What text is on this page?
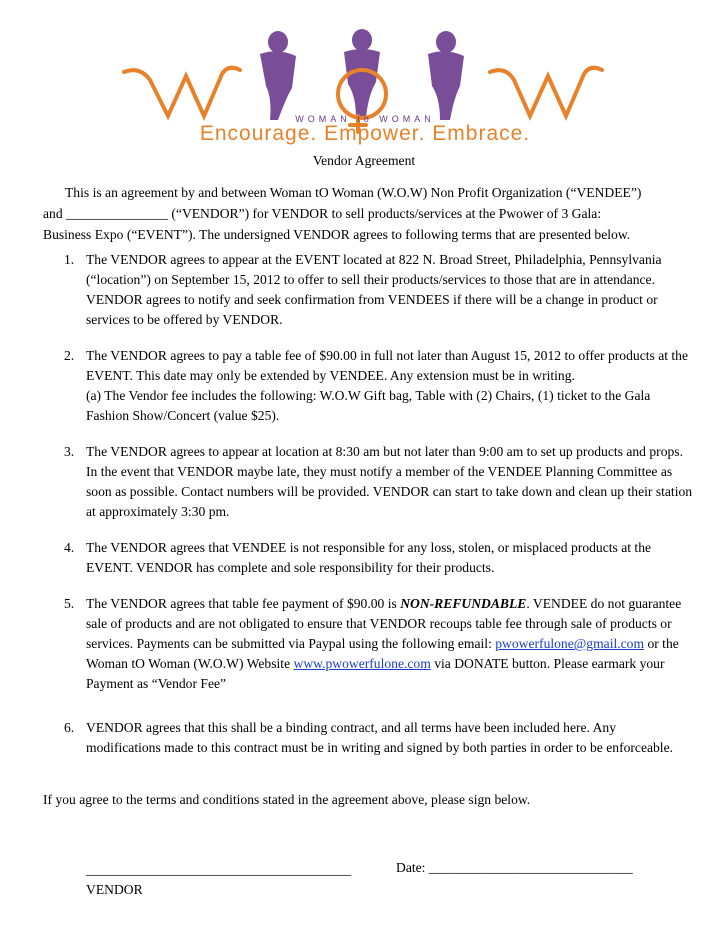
WOMAN to WOMAN
Encourage. Empower. Embrace.
Vendor Agreement
This is an agreement by and between Woman tO Woman (W.O.W) Non Profit Organization (“VENDEE”)
and _______________ (“VENDOR”) for VENDOR to sell products/services at the Pwower of 3 Gala:
Business Expo (“EVENT”). The undersigned VENDOR agrees to following terms that are presented below.
1. The VENDOR agrees to appear at the EVENT located at 822 N. Broad Street, Philadelphia, Pennsylvania (“location”) on September 15, 2012 to offer to sell their products/services to those that are in attendance. VENDOR agrees to notify and seek confirmation from VENDEES if there will be a change in product or services to be offered by VENDOR.
2. The VENDOR agrees to pay a table fee of $90.00 in full not later than August 15, 2012 to offer products at the EVENT. This date may only be extended by VENDEE. Any extension must be in writing.
(a) The Vendor fee includes the following: W.O.W Gift bag, Table with (2) Chairs, (1) ticket to the Gala Fashion Show/Concert (value $25).
3. The VENDOR agrees to appear at location at 8:30 am but not later than 9:00 am to set up products and props. In the event that VENDOR maybe late, they must notify a member of the VENDEE Planning Committee as soon as possible. Contact numbers will be provided. VENDOR can start to take down and clean up their station at approximately 3:30 pm.
4. The VENDOR agrees that VENDEE is not responsible for any loss, stolen, or misplaced products at the EVENT. VENDOR has complete and sole responsibility for their products.
5. The VENDOR agrees that table fee payment of $90.00 is NON-REFUNDABLE. VENDEE do not guarantee sale of products and are not obligated to ensure that VENDOR recoups table fee through sale of products or services. Payments can be submitted via Paypal using the following email: pwowerfulone@gmail.com or the Woman tO Woman (W.O.W) Website www.pwowerfulone.com via DONATE button. Please earmark your Payment as “Vendor Fee”
6. VENDOR agrees that this shall be a binding contract, and all terms have been included here. Any modifications made to this contract must be in writing and signed by both parties in order to be enforceable.
If you agree to the terms and conditions stated in the agreement above, please sign below.
_______________________________________
VENDOR
Date: ______________________________
